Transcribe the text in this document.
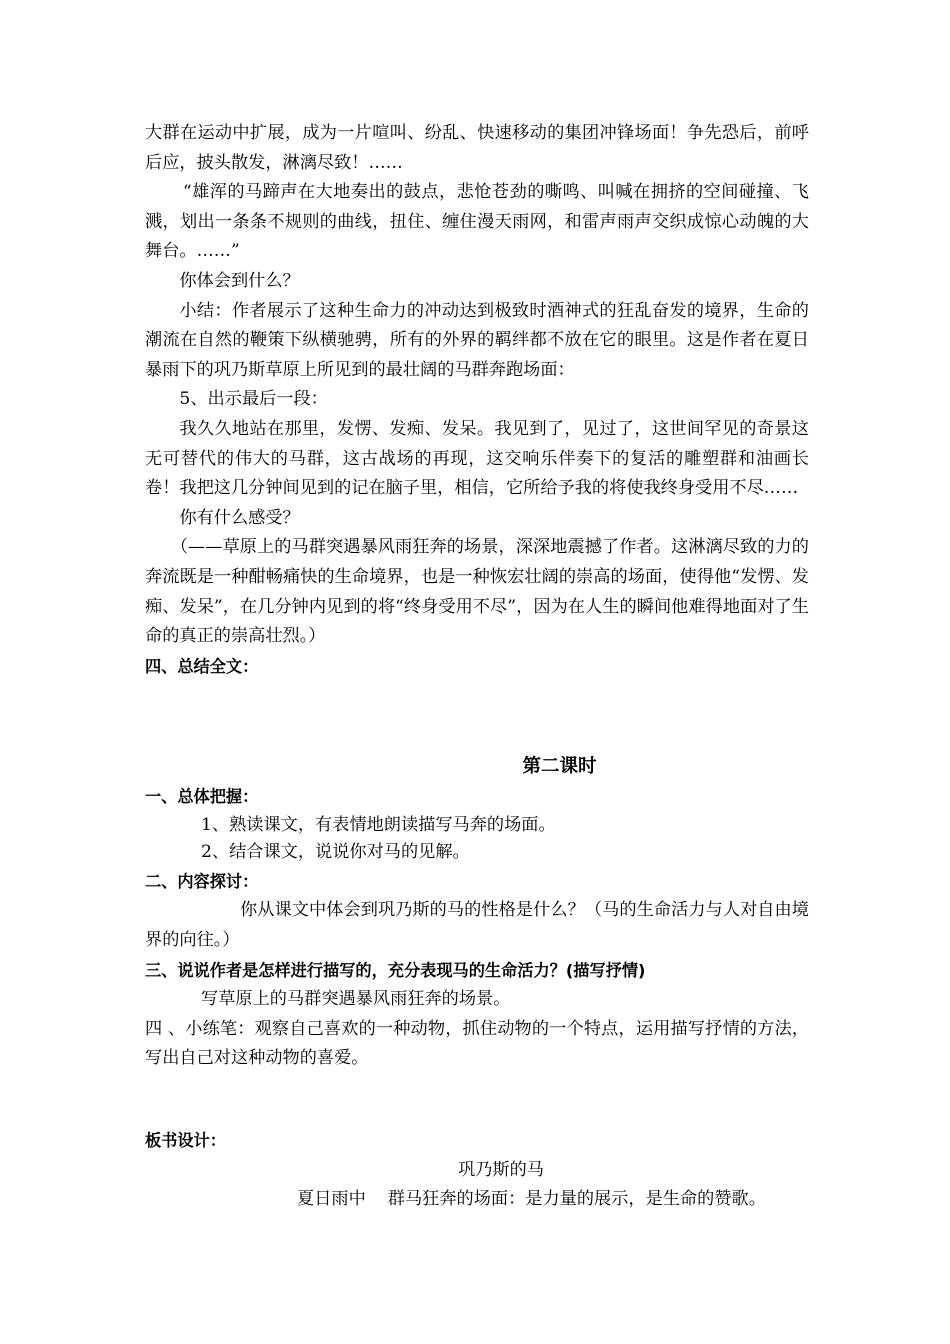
大群在运动中扩展，成为一片喧叫、纷乱、快速移动的集团冲锋场面！争先恐后，前呼后应，披头散发，淋漓尽致！……

“雄浑的马蹄声在大地奏出的鼓点，悲怆苍劲的嘶鸣、叫喊在拥挤的空间碰撞、飞溅，划出一条条不规则的曲线，扭住、缠住漫天雨网，和雷声雨声交织成惊心动魄的大舞台。……”

你体会到什么？

小结：作者展示了这种生命力的冲动达到极致时酒神式的狂乱奋发的境界，生命的潮流在自然的鞭策下纵横驰骋，所有的外界的羁绊都不放在它的眼里。这是作者在夏日暴雨下的巩乃斯草原上所见到的最壮阔的马群奔跑场面：

5、出示最后一段：

我久久地站在那里，发愣、发痴、发呆。我见到了，见过了，这世间罕见的奇景这无可替代的伟大的马群，这古战场的再现，这交响乐伴奏下的复活的雕塑群和油画长卷！我把这几分钟间见到的记在脑子里，相信，它所给予我的将使我终身受用不尽……

你有什么感受？

（——草原上的马群突遇暴风雨狂奔的场景，深深地震撼了作者。这淋漓尽致的力的奔流既是一种酣畅痛快的生命境界，也是一种恢宏壮阔的崇高的场面，使得他“发愣、发痴、发呆”，在几分钟内见到的将“终身受用不尽”，因为在人生的瞬间他难得地面对了生命的真正的崇高壮烈。）

四、总结全文：

第二课时

一、总体把握：

1、熟读课文，有表情地朗读描写马奔的场面。

2、结合课文，说说你对马的见解。

二、内容探讨：

你从课文中体会到巩乃斯的马的性格是什么？（马的生命活力与人对自由境界的向往。）

三、说说作者是怎样进行描写的，充分表现马的生命活力？(描写抒情)

写草原上的马群突遇暴风雨狂奔的场景。

四 、小练笔：观察自己喜欢的一种动物，抓住动物的一个特点，运用描写抒情的方法，写出自己对这种动物的喜爱。

板书设计：

巩乃斯的马

夏日雨中 群马狂奔的场面：是力量的展示，是生命的赞歌。
